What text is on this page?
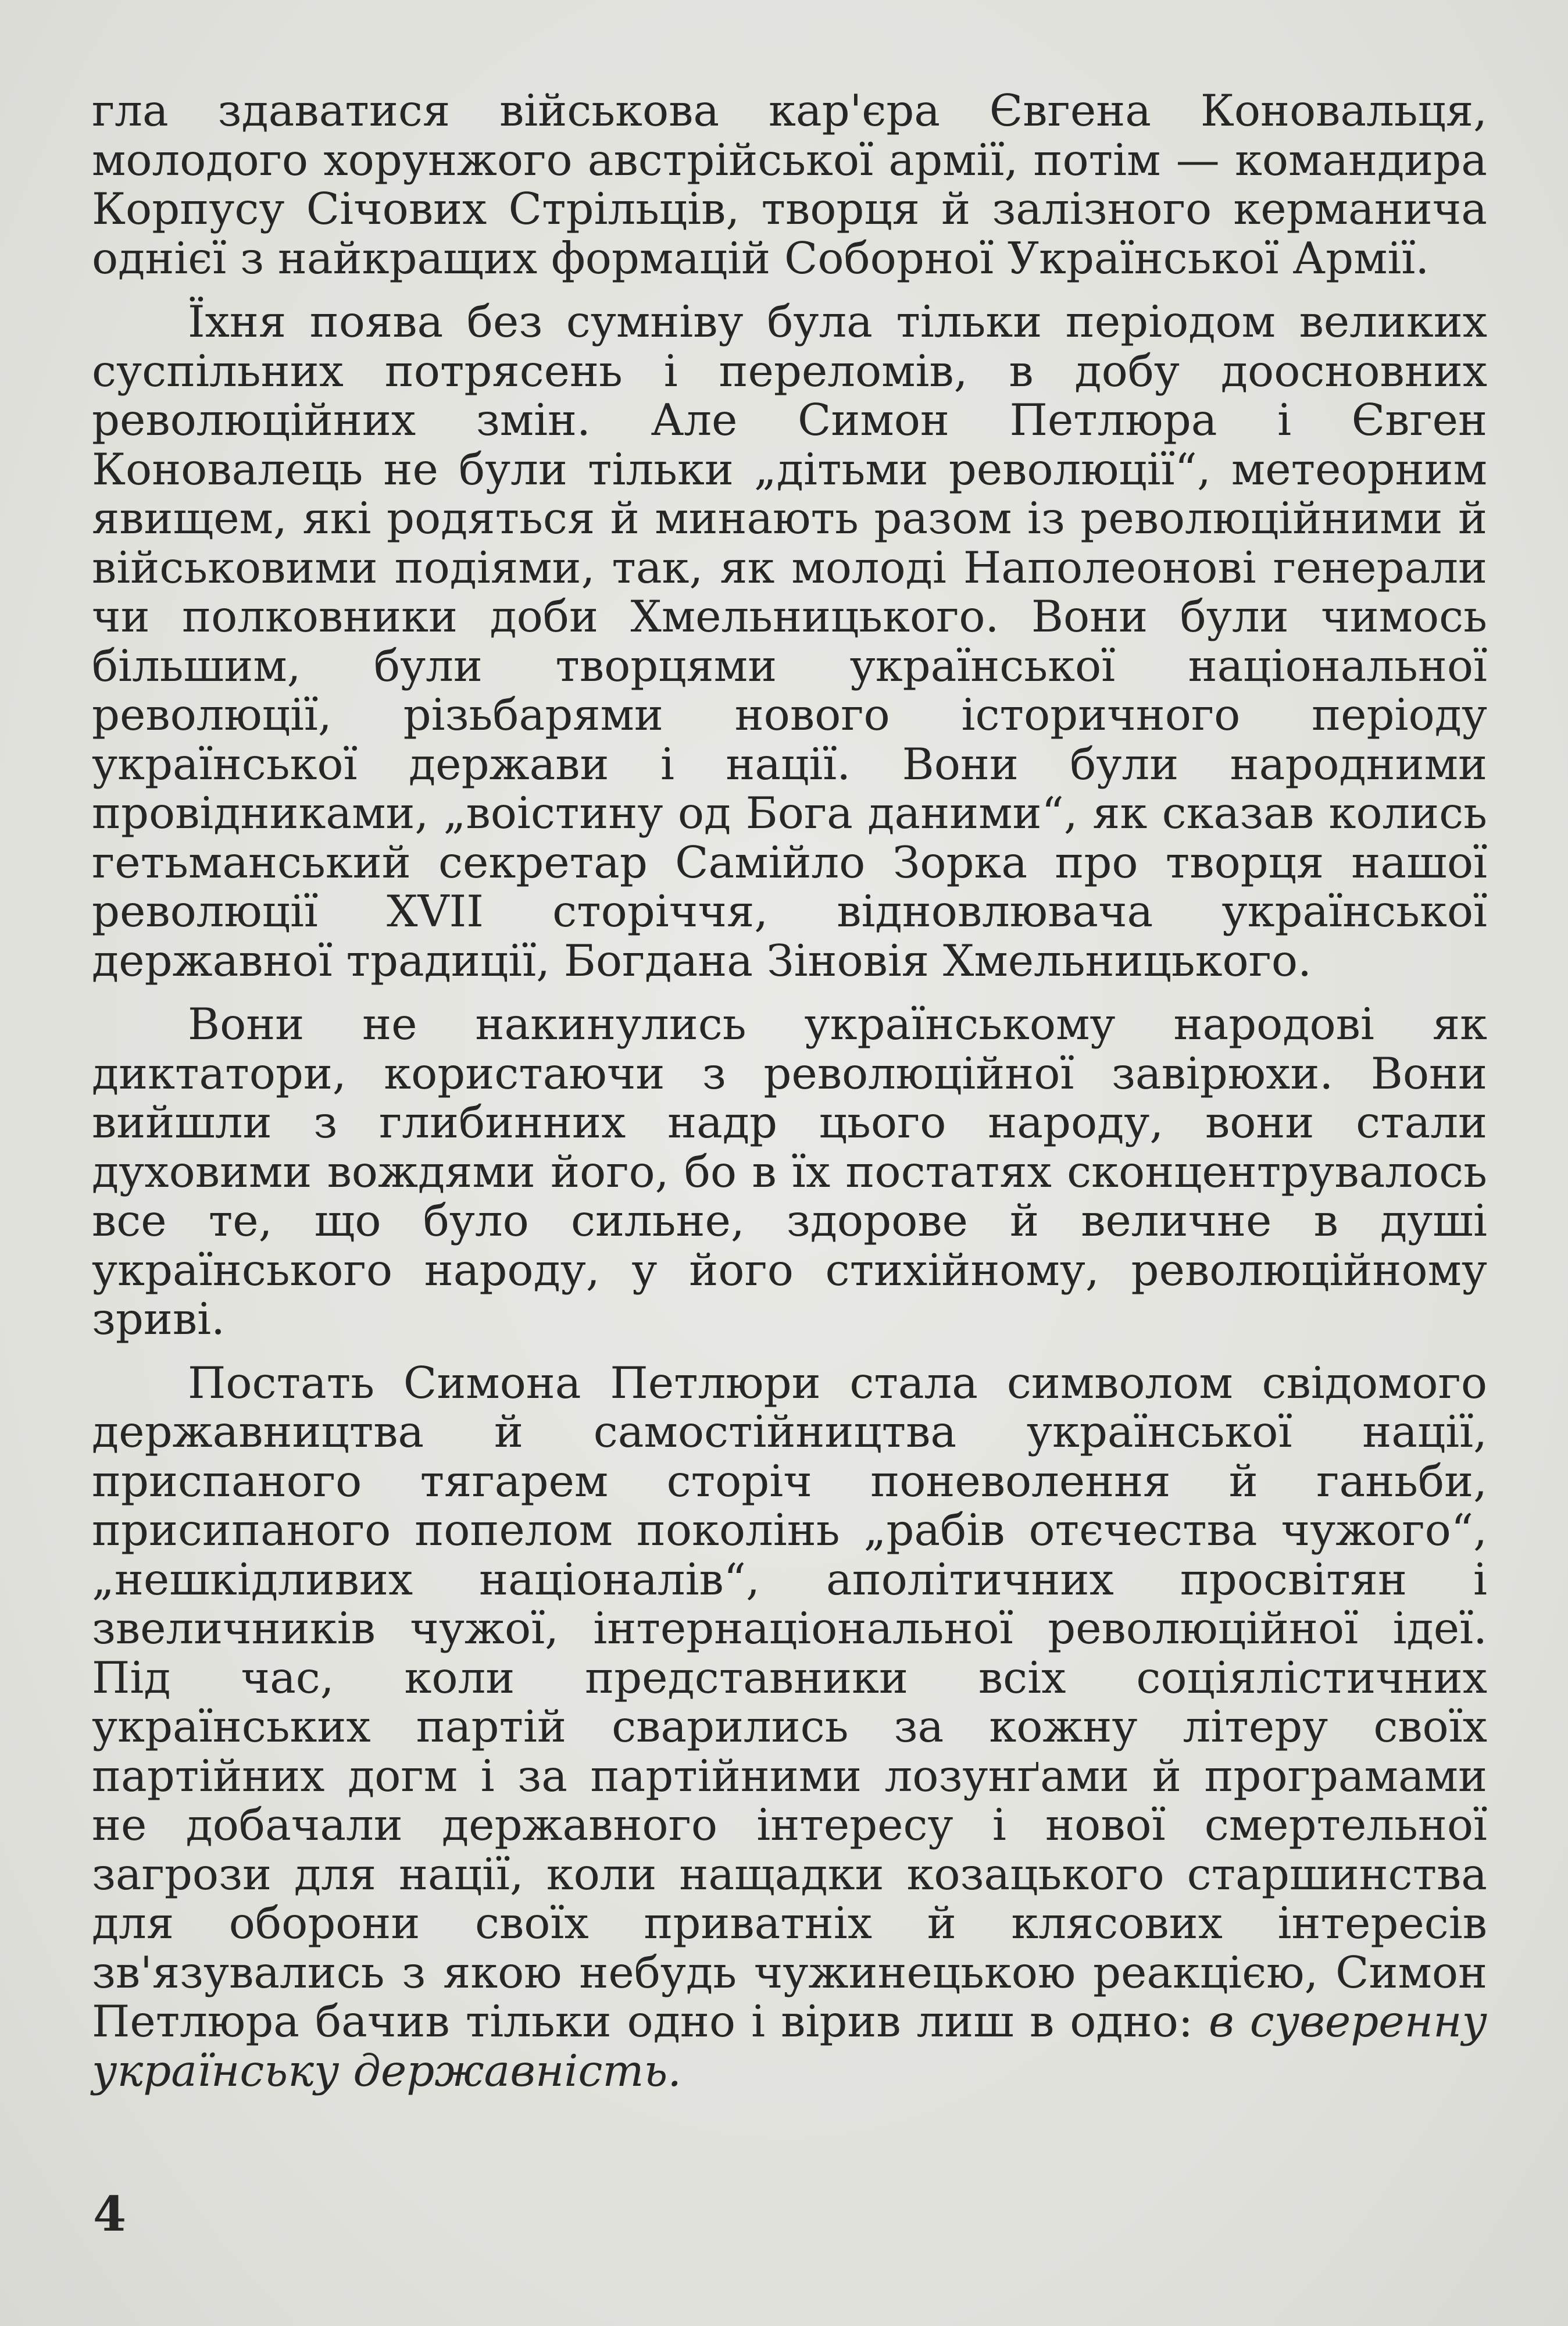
гла здаватися військова кар'єра Євгена Коновальця, молодого хорунжого австрійської армії, потім — командира Корпусу Січових Стрільців, творця й залізного керманича однієї з найкращих формацій Соборної Української Армії.

Їхня поява без сумніву була тільки періодом великих суспільних потрясень і переломів, в добу доосновних революційних змін. Але Симон Петлюра і Євген Коновалець не були тільки „дітьми революції“, метеорним явищем, які родяться й минають разом із революційними й військовими подіями, так, як молоді Наполеонові генерали чи полковники доби Хмельницького. Вони були чимось більшим, були творцями української національної революції, різьбарями нового історичного періоду української держави і нації. Вони були народними провідниками, „воістину од Бога даними“, як сказав колись гетьманський секретар Самійло Зорка про творця нашої революції XVII сторіччя, відновлювача української державної традиції, Богдана Зіновія Хмельницького.

Вони не накинулись українському народові як диктатори, користаючи з революційної завірюхи. Вони вийшли з глибинних надр цього народу, вони стали духовими вождями його, бо в їх постатях сконцентрувалось все те, що було сильне, здорове й величне в душі українського народу, у його стихійному, революційному зриві.

Постать Симона Петлюри стала символом свідомого державництва й самостійництва української нації, приспаного тягарем сторіч поневолення й ганьби, присипаного попелом поколінь „рабів отєчества чужого“, „нешкідливих націоналів“, аполітичних просвітян і звеличників чужої, інтернаціональної революційної ідеї. Під час, коли представники всіх соціялістичних українських партій сварились за кожну літеру своїх партійних догм і за партійними лозунґами й програмами не добачали державного інтересу і нової смертельної загрози для нації, коли нащадки козацького старшинства для оборони своїх приватніх й клясових інтересів зв'язувались з якою небудь чужинецькою реакцією, Симон Петлюра бачив тільки одно і вірив лиш в одно: в суверенну українську державність.

4
